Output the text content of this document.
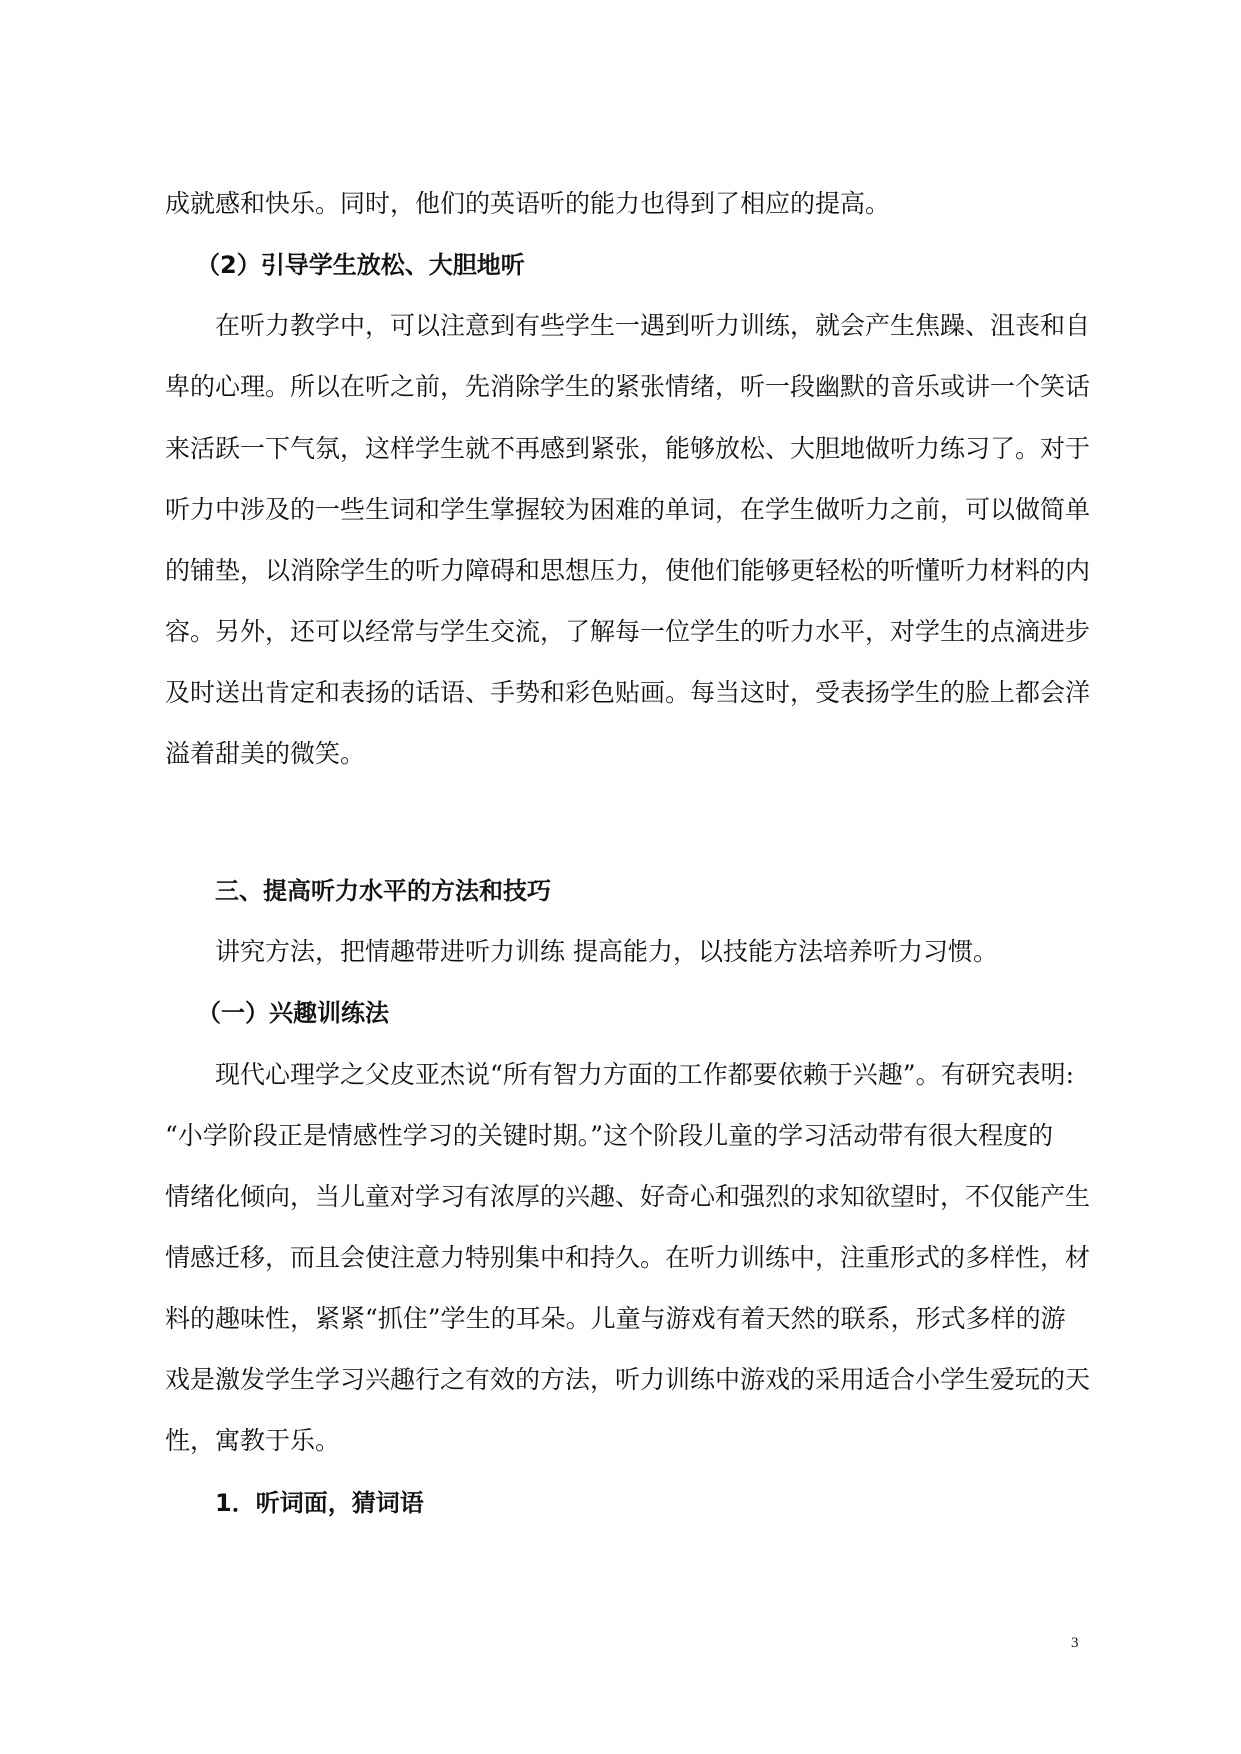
成就感和快乐。同时，他们的英语听的能力也得到了相应的提高。
（2）引导学生放松、大胆地听
在听力教学中，可以注意到有些学生一遇到听力训练，就会产生焦躁、沮丧和自
卑的心理。所以在听之前，先消除学生的紧张情绪，听一段幽默的音乐或讲一个笑话
来活跃一下气氛，这样学生就不再感到紧张，能够放松、大胆地做听力练习了。对于
听力中涉及的一些生词和学生掌握较为困难的单词，在学生做听力之前，可以做简单
的铺垫，以消除学生的听力障碍和思想压力，使他们能够更轻松的听懂听力材料的内
容。另外，还可以经常与学生交流，了解每一位学生的听力水平，对学生的点滴进步
及时送出肯定和表扬的话语、手势和彩色贴画。每当这时，受表扬学生的脸上都会洋
溢着甜美的微笑。
三、提高听力水平的方法和技巧
讲究方法，把情趣带进听力训练 提高能力，以技能方法培养听力习惯。
（一）兴趣训练法
现代心理学之父皮亚杰说“所有智力方面的工作都要依赖于兴趣”。有研究表明:
“小学阶段正是情感性学习的关键时期。”这个阶段儿童的学习活动带有很大程度的
情绪化倾向，当儿童对学习有浓厚的兴趣、好奇心和强烈的求知欲望时，不仅能产生
情感迁移，而且会使注意力特别集中和持久。在听力训练中，注重形式的多样性，材
料的趣味性，紧紧“抓住”学生的耳朵。儿童与游戏有着天然的联系，形式多样的游
戏是激发学生学习兴趣行之有效的方法，听力训练中游戏的采用适合小学生爱玩的天
性，寓教于乐。
1．听词面，猜词语
3
